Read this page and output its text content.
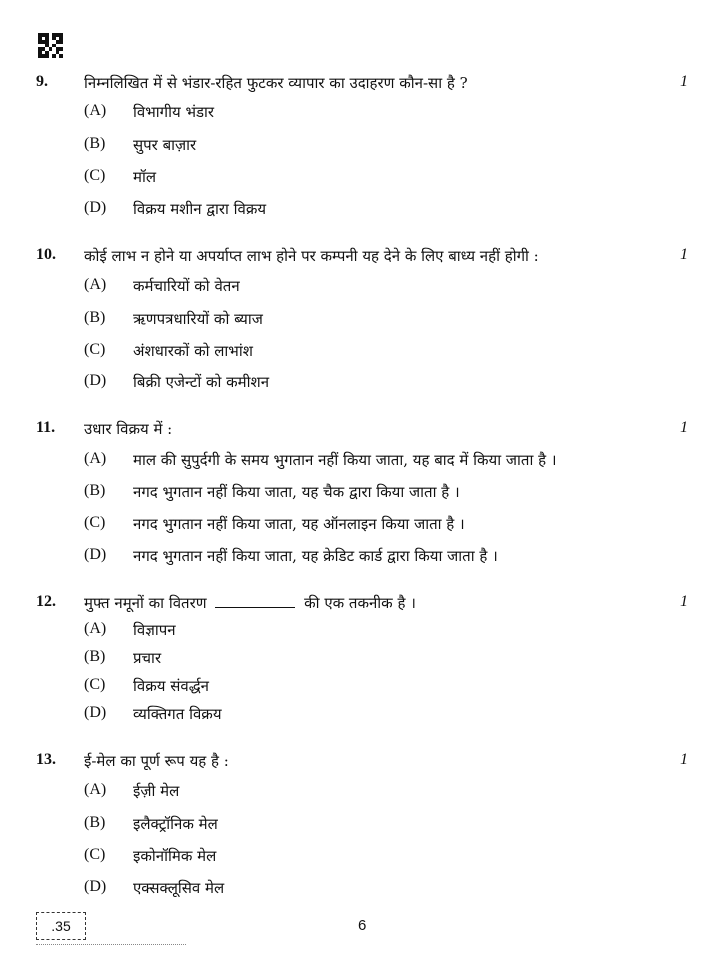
9. निम्नलिखित में से भंडार-रहित फुटकर व्यापार का उदाहरण कौन-सा है ?	1
(A) विभागीय भंडार
(B) सुपर बाज़ार
(C) मॉल
(D) विक्रय मशीन द्वारा विक्रय
10. कोई लाभ न होने या अपर्याप्त लाभ होने पर कम्पनी यह देने के लिए बाध्य नहीं होगी :	1
(A) कर्मचारियों को वेतन
(B) ऋणपत्रधारियों को ब्याज
(C) अंशधारकों को लाभांश
(D) बिक्री एजेन्टों को कमीशन
11. उधार विक्रय में :	1
(A) माल की सुपुर्दगी के समय भुगतान नहीं किया जाता, यह बाद में किया जाता है ।
(B) नगद भुगतान नहीं किया जाता, यह चैक द्वारा किया जाता है ।
(C) नगद भुगतान नहीं किया जाता, यह ऑनलाइन किया जाता है ।
(D) नगद भुगतान नहीं किया जाता, यह क्रेडिट कार्ड द्वारा किया जाता है ।
12. मुफ्त नमूनों का वितरण	की एक तकनीक है ।	1
(A) विज्ञापन
(B) प्रचार
(C) विक्रय संवर्द्धन
(D) व्यक्तिगत विक्रय
13. ई-मेल का पूर्ण रूप यह है :	1
(A) ईज़ी मेल
(B) इलैक्ट्रॉनिक मेल
(C) इकोनॉमिक मेल
(D) एक्सक्लूसिव मेल
.35	6
